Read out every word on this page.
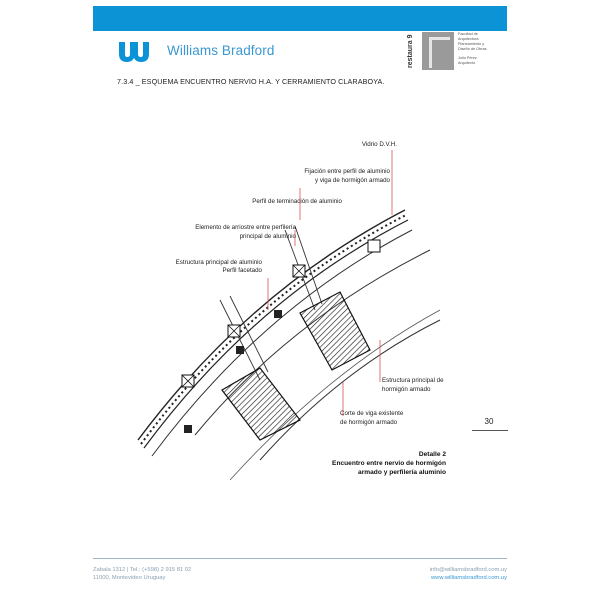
Williams Bradford	restaura 9
Facultad de
Arquitectura
Planeamiento y
Diseño de Obras
Julio Pérez
Arquitecto
7.3.4 _ ESQUEMA ENCUENTRO NERVIO H.A. Y CERRAMIENTO CLARABOYA.
Vidrio D.V.H.
Fijación entre perfil de aluminio
y viga de hormigón armado
Perfil de terminación de aluminio
Elemento de arriostre entre perfilería
principal de aluminio
Estructura principal de aluminio
Perfil facetado
Estructura principal de
hormigón armado
Corte de viga existente
de hormigón armado	30
Detalle 2
Encuentro entre nervio de hormigón
armado y perfilería aluminio
Zabala 1312 | Tel.: (+598) 2 915 81 02
11000, Montevideo Uruguay
info@williamsbradford.com.uy
www.williamsbradford.com.uy
